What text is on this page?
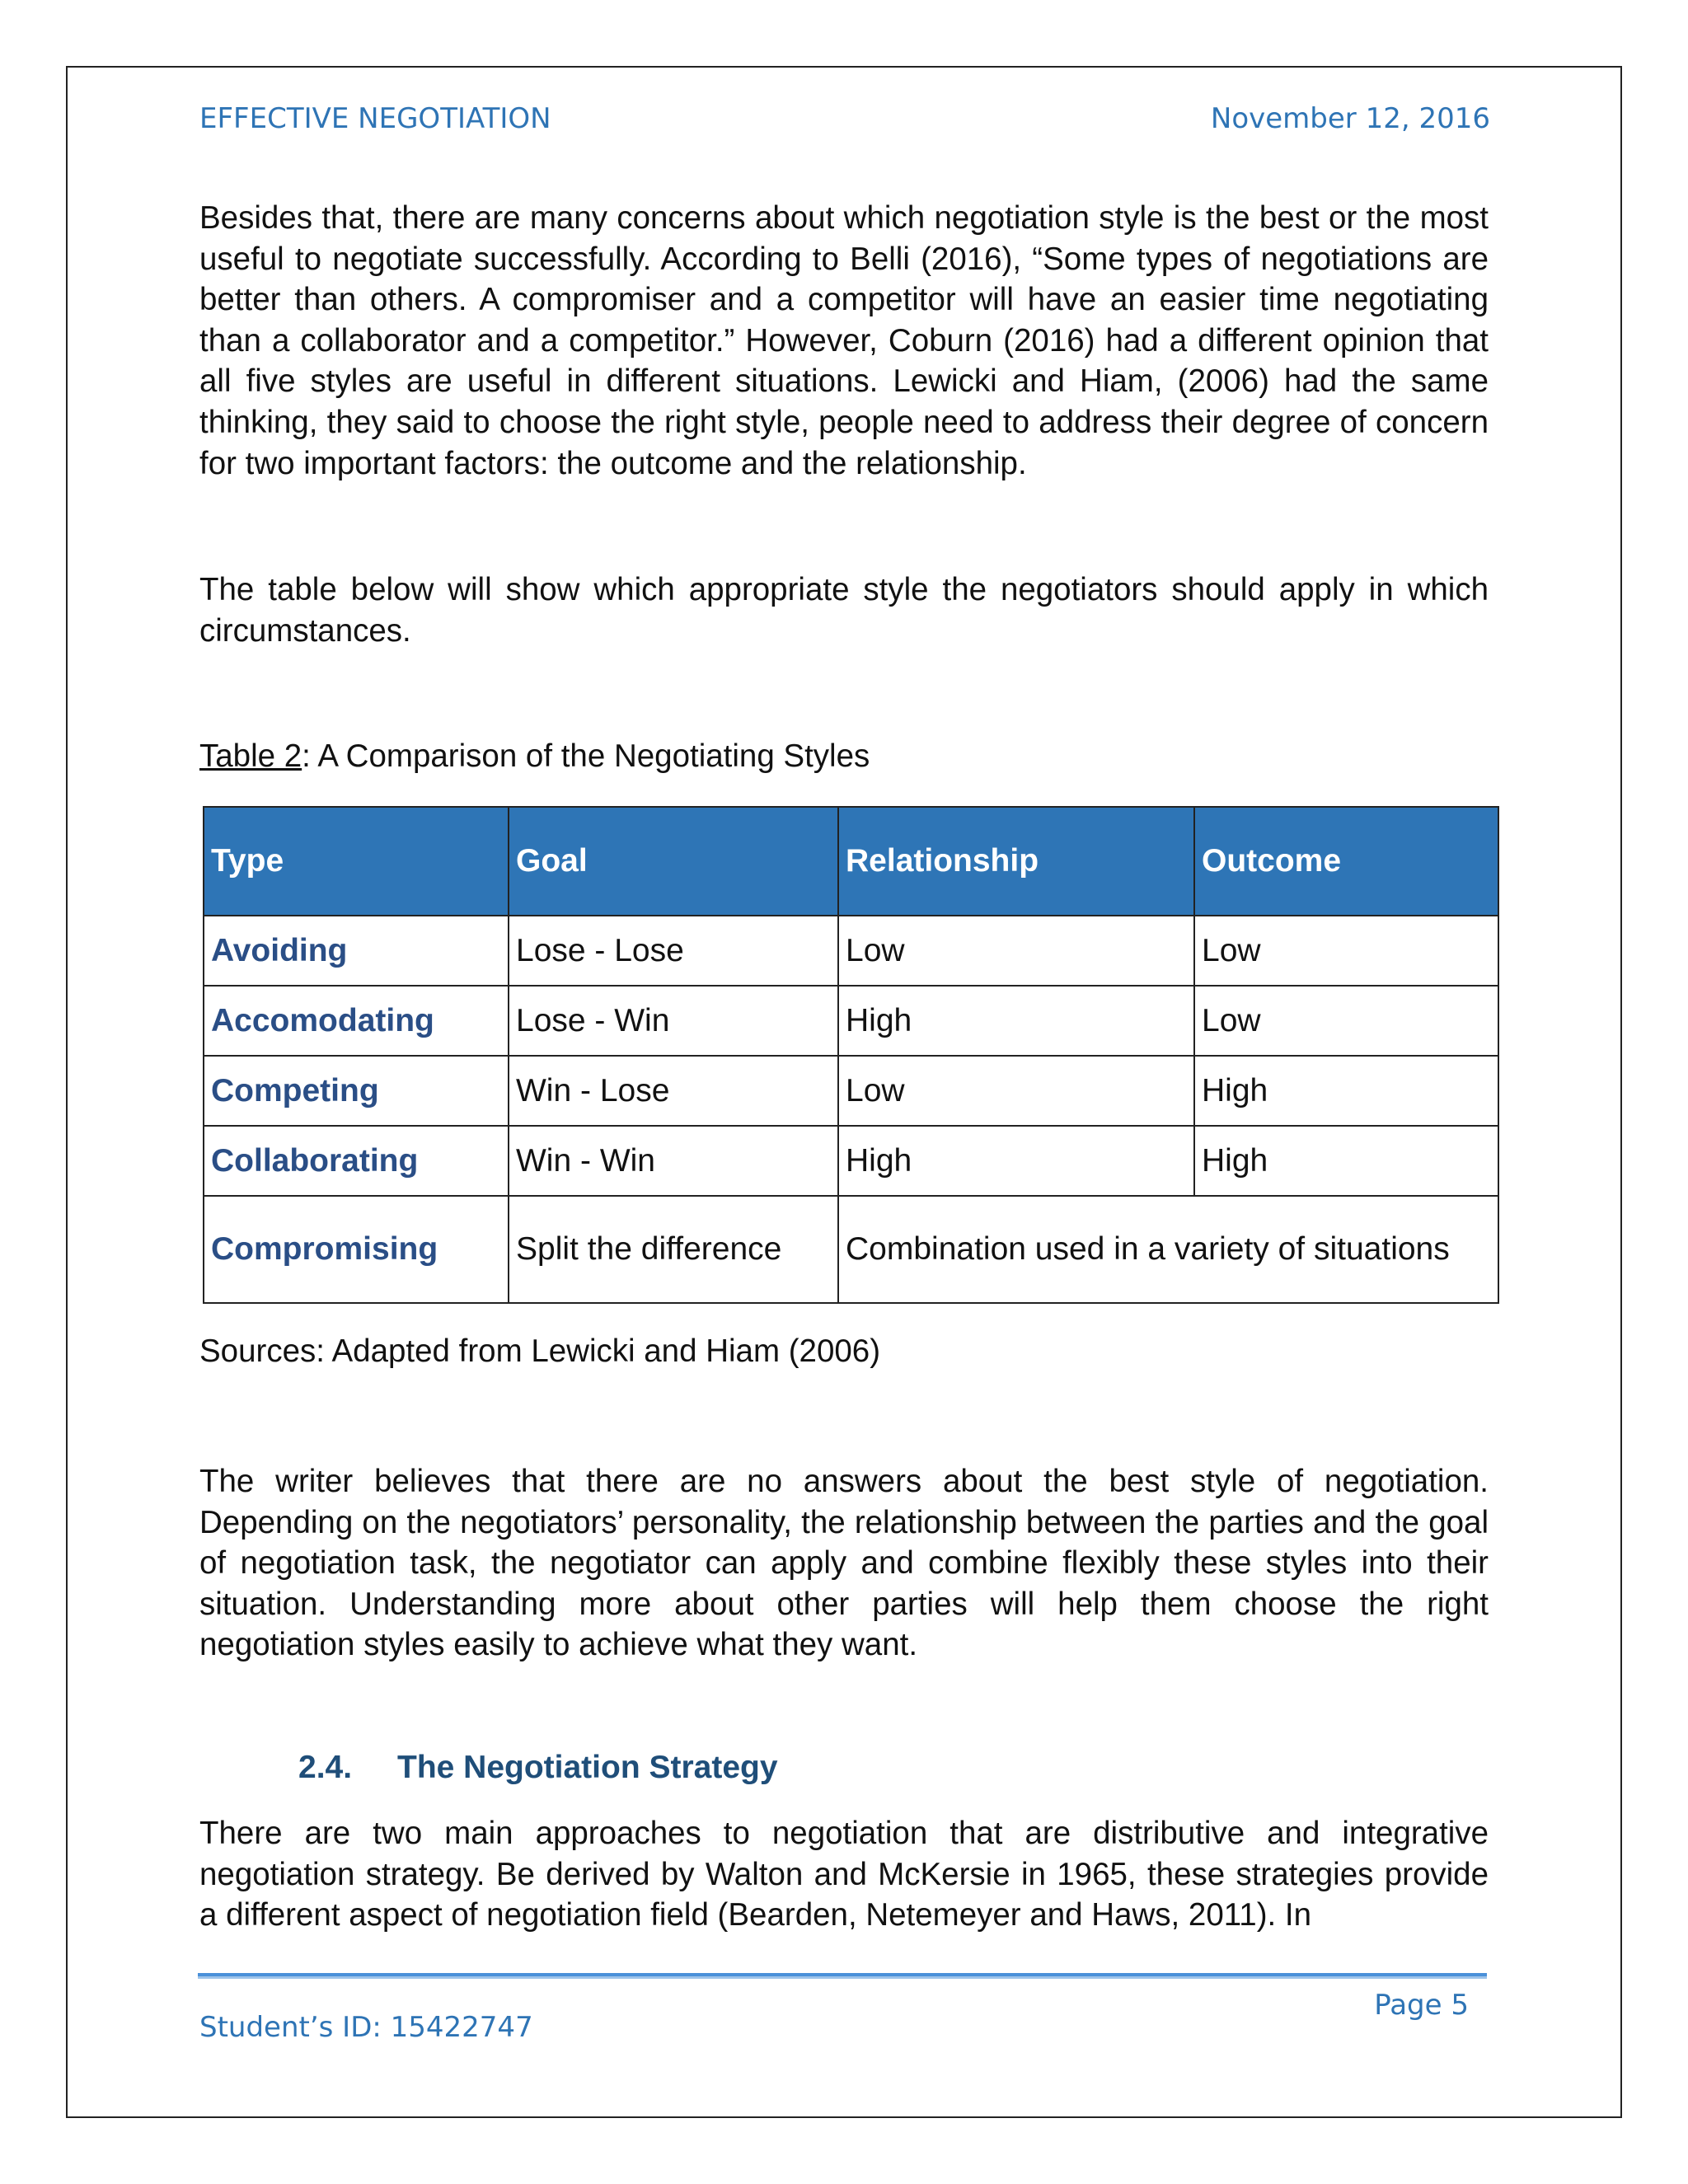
EFFECTIVE NEGOTIATION	November 12, 2016

Besides that, there are many concerns about which negotiation style is the best or the most useful to negotiate successfully. According to Belli (2016), “Some types of negotiations are better than others. A compromiser and a competitor will have an easier time negotiating than a collaborator and a competitor.” However, Coburn (2016) had a different opinion that all five styles are useful in different situations. Lewicki and Hiam, (2006) had the same thinking, they said to choose the right style, people need to address their degree of concern for two important factors: the outcome and the relationship.

The table below will show which appropriate style the negotiators should apply in which circumstances.

Table 2: A Comparison of the Negotiating Styles

Type	Goal	Relationship	Outcome
Avoiding	Lose - Lose	Low	Low
Accomodating	Lose - Win	High	Low
Competing	Win - Lose	Low	High
Collaborating	Win - Win	High	High
Compromising	Split the difference	Combination used in a variety of situations	

Sources: Adapted from Lewicki and Hiam (2006)

The writer believes that there are no answers about the best style of negotiation. Depending on the negotiators’ personality, the relationship between the parties and the goal of negotiation task, the negotiator can apply and combine flexibly these styles into their situation. Understanding more about other parties will help them choose the right negotiation styles easily to achieve what they want.

2.4. The Negotiation Strategy

There are two main approaches to negotiation that are distributive and integrative negotiation strategy. Be derived by Walton and McKersie in 1965, these strategies provide a different aspect of negotiation field (Bearden, Netemeyer and Haws, 2011). In

Student’s ID: 15422747
Page 5
